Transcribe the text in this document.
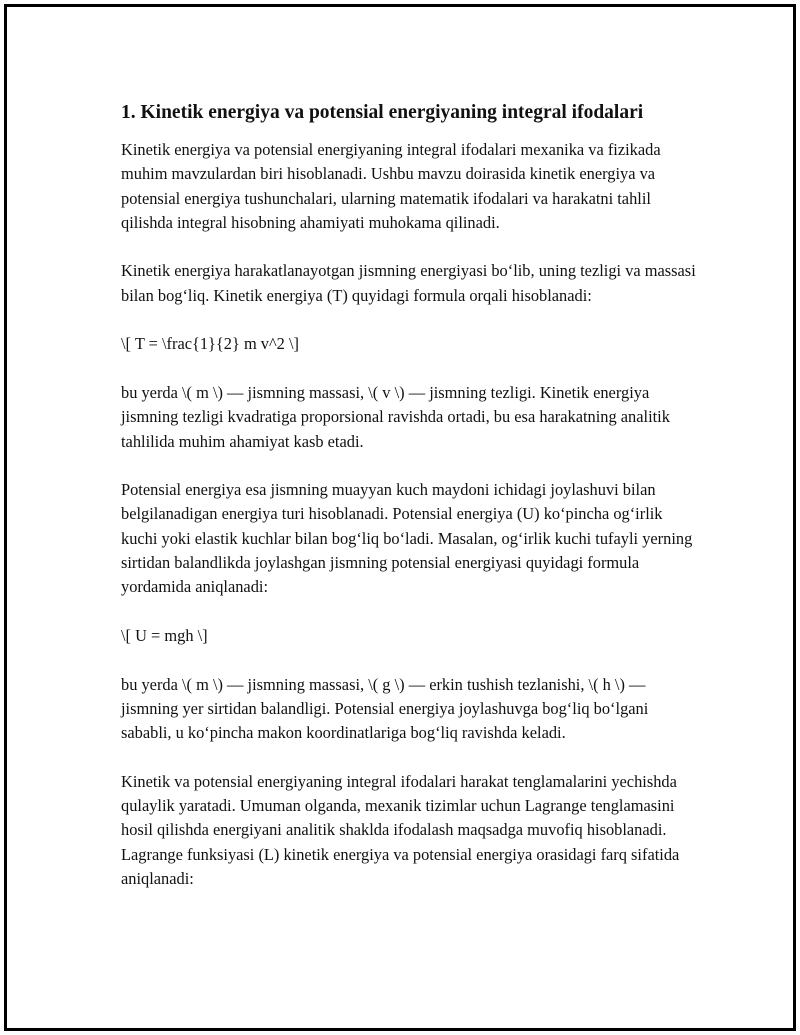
1. Kinetik energiya va potensial energiyaning integral ifodalari

Kinetik energiya va potensial energiyaning integral ifodalari mexanika va fizikada muhim mavzulardan biri hisoblanadi. Ushbu mavzu doirasida kinetik energiya va potensial energiya tushunchalari, ularning matematik ifodalari va harakatni tahlil qilishda integral hisobning ahamiyati muhokama qilinadi.

Kinetik energiya harakatlanayotgan jismning energiyasi bo‘lib, uning tezligi va massasi bilan bog‘liq. Kinetik energiya (T) quyidagi formula orqali hisoblanadi:

\[ T = \frac{1}{2} m v^2 \]

bu yerda \( m \) — jismning massasi, \( v \) — jismning tezligi. Kinetik energiya jismning tezligi kvadratiga proporsional ravishda ortadi, bu esa harakatning analitik tahlilida muhim ahamiyat kasb etadi.

Potensial energiya esa jismning muayyan kuch maydoni ichidagi joylashuvi bilan belgilanadigan energiya turi hisoblanadi. Potensial energiya (U) ko‘pincha og‘irlik kuchi yoki elastik kuchlar bilan bog‘liq bo‘ladi. Masalan, og‘irlik kuchi tufayli yerning sirtidan balandlikda joylashgan jismning potensial energiyasi quyidagi formula yordamida aniqlanadi:

\[ U = mgh \]

bu yerda \( m \) — jismning massasi, \( g \) — erkin tushish tezlanishi, \( h \) — jismning yer sirtidan balandligi. Potensial energiya joylashuvga bog‘liq bo‘lgani sababli, u ko‘pincha makon koordinatlariga bog‘liq ravishda keladi.

Kinetik va potensial energiyaning integral ifodalari harakat tenglamalarini yechishda qulaylik yaratadi. Umuman olganda, mexanik tizimlar uchun Lagrange tenglamasini hosil qilishda energiyani analitik shaklda ifodalash maqsadga muvofiq hisoblanadi. Lagrange funksiyasi (L) kinetik energiya va potensial energiya orasidagi farq sifatida aniqlanadi:
